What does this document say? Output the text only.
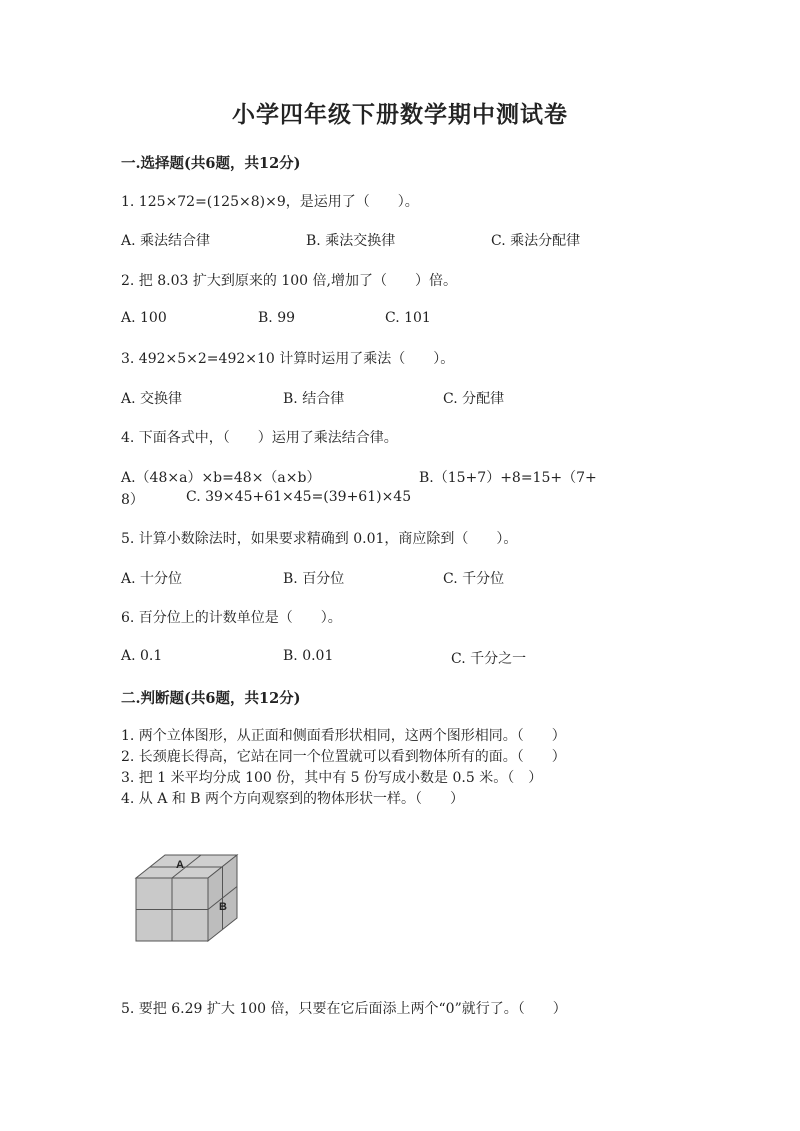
小学四年级下册数学期中测试卷
一.选择题(共6题，共12分)
1. 125×72=(125×8)×9，是运用了（　　）。
A. 乘法结合律	B. 乘法交换律	C. 乘法分配律
2. 把 8.03 扩大到原来的 100 倍,增加了（　　）倍。
A. 100	B. 99	C. 101
3. 492×5×2=492×10 计算时运用了乘法（　　）。
A. 交换律	B. 结合律	C. 分配律
4. 下面各式中，（　　）运用了乘法结合律。
A.（48×a）×b=48×（a×b）	B.（15+7）+8=15+（7+
8）	C. 39×45+61×45=(39+61)×45
5. 计算小数除法时，如果要求精确到 0.01，商应除到（　　）。
A. 十分位	B. 百分位	C. 千分位
6. 百分位上的计数单位是（　　）。
A. 0.1	B. 0.01	C. 千分之一
二.判断题(共6题，共12分)
1. 两个立体图形，从正面和侧面看形状相同，这两个图形相同。（　　）
2. 长颈鹿长得高，它站在同一个位置就可以看到物体所有的面。（　　）
3. 把 1 米平均分成 100 份，其中有 5 份写成小数是 0.5 米。（　）
4. 从 A 和 B 两个方向观察到的物体形状一样。（　　）
A
B
5. 要把 6.29 扩大 100 倍，只要在它后面添上两个“0”就行了。（　　）
